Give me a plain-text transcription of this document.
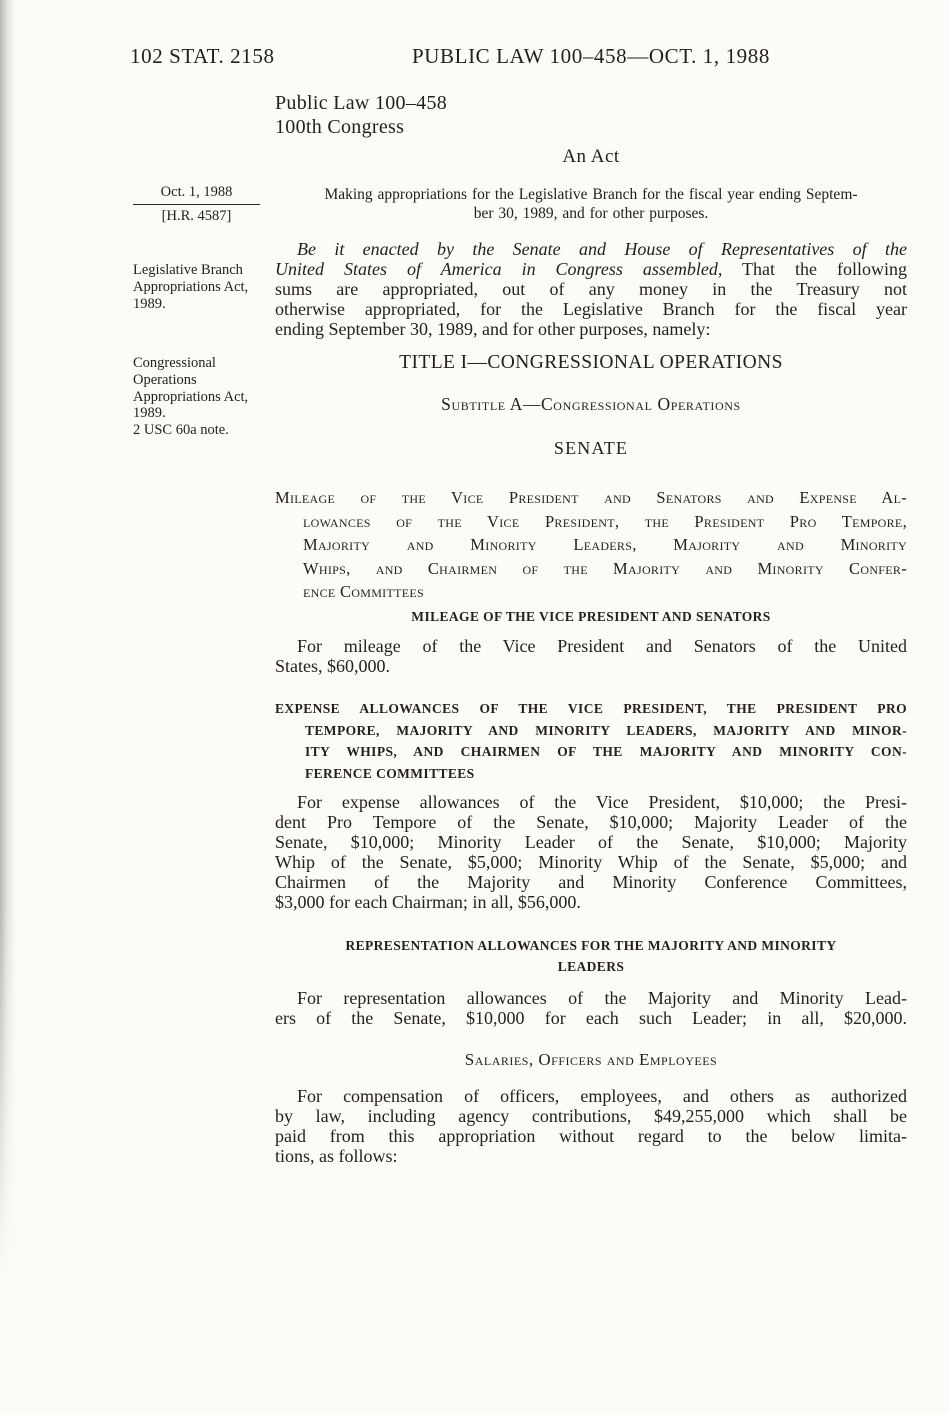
102 STAT. 2158	PUBLIC LAW 100–458—OCT. 1, 1988
Public Law 100–458
100th Congress
An Act
Oct. 1, 1988
[H.R. 4587]
Legislative Branch Appropriations Act, 1989.
Congressional Operations Appropriations Act, 1989.
2 USC 60a note.
Making appropriations for the Legislative Branch for the fiscal year ending Septem-
ber 30, 1989, and for other purposes.
Be it enacted by the Senate and House of Representatives of the
United States of America in Congress assembled, That the following
sums are appropriated, out of any money in the Treasury not
otherwise appropriated, for the Legislative Branch for the fiscal year
ending September 30, 1989, and for other purposes, namely:
TITLE I—CONGRESSIONAL OPERATIONS
Subtitle A—Congressional Operations
SENATE
Mileage of the Vice President and Senators and Expense Al-
lowances of the Vice President, the President Pro Tempore,
Majority and Minority Leaders, Majority and Minority
Whips, and Chairmen of the Majority and Minority Confer-
ence Committees
MILEAGE OF THE VICE PRESIDENT AND SENATORS
For mileage of the Vice President and Senators of the United
States, $60,000.
EXPENSE ALLOWANCES OF THE VICE PRESIDENT, THE PRESIDENT PRO
TEMPORE, MAJORITY AND MINORITY LEADERS, MAJORITY AND MINOR-
ITY WHIPS, AND CHAIRMEN OF THE MAJORITY AND MINORITY CON-
FERENCE COMMITTEES
For expense allowances of the Vice President, $10,000; the Presi-
dent Pro Tempore of the Senate, $10,000; Majority Leader of the
Senate, $10,000; Minority Leader of the Senate, $10,000; Majority
Whip of the Senate, $5,000; Minority Whip of the Senate, $5,000; and
Chairmen of the Majority and Minority Conference Committees,
$3,000 for each Chairman; in all, $56,000.
REPRESENTATION ALLOWANCES FOR THE MAJORITY AND MINORITY
LEADERS
For representation allowances of the Majority and Minority Lead-
ers of the Senate, $10,000 for each such Leader; in all, $20,000.
Salaries, Officers and Employees
For compensation of officers, employees, and others as authorized
by law, including agency contributions, $49,255,000 which shall be
paid from this appropriation without regard to the below limita-
tions, as follows:
